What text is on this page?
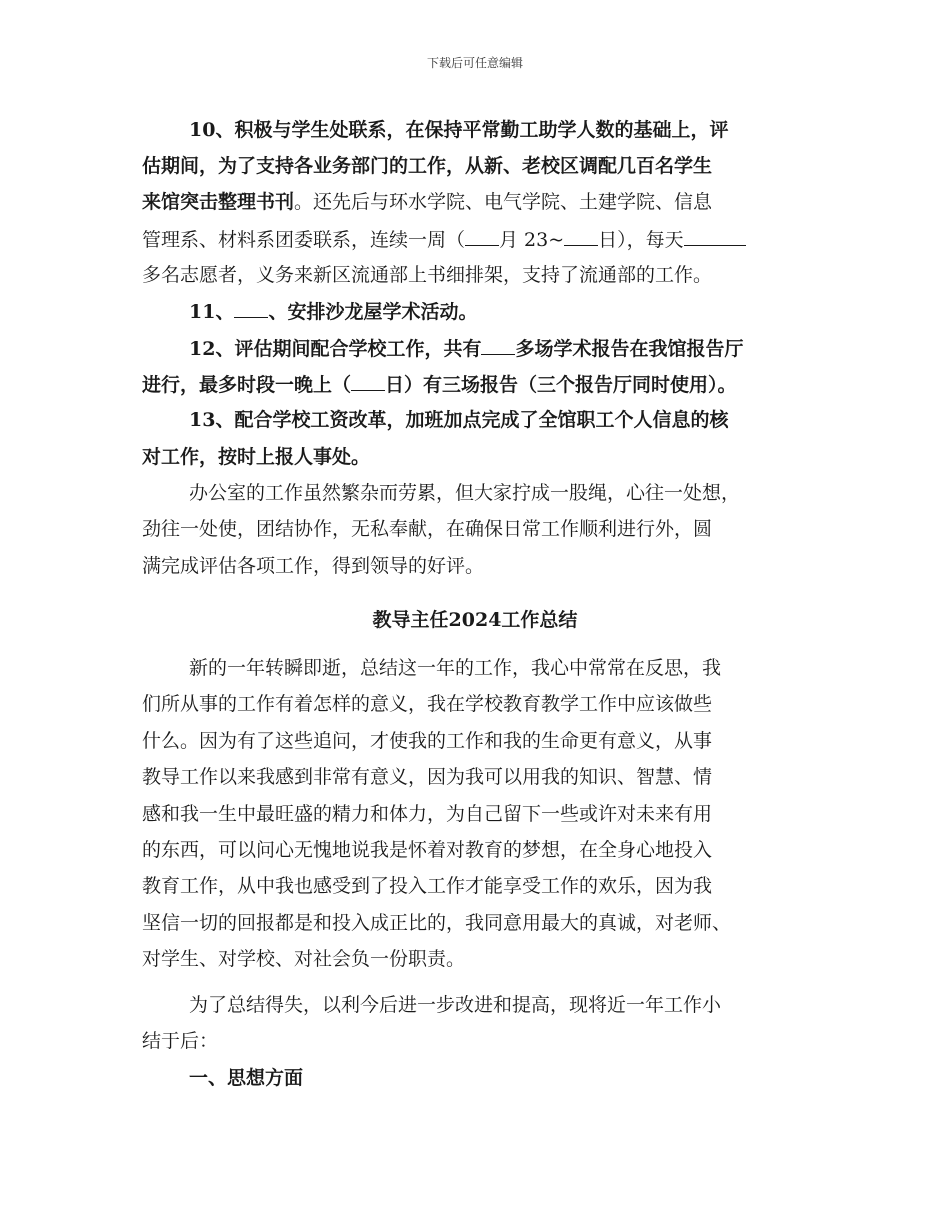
下载后可任意编辑
10、积极与学生处联系，在保持平常勤工助学人数的基础上，评
估期间，为了支持各业务部门的工作，从新、老校区调配几百名学生
来馆突击整理书刊。还先后与环水学院、电气学院、土建学院、信息
管理系、材料系团委联系，连续一周（ 月 23~ 日），每天
多名志愿者，义务来新区流通部上书细排架，支持了流通部的工作。
11、 、安排沙龙屋学术活动。
12、评估期间配合学校工作，共有 多场学术报告在我馆报告厅
进行，最多时段一晚上（ 日）有三场报告（三个报告厅同时使用）。
13、配合学校工资改革，加班加点完成了全馆职工个人信息的核
对工作，按时上报人事处。
办公室的工作虽然繁杂而劳累，但大家拧成一股绳，心往一处想，
劲往一处使，团结协作，无私奉献，在确保日常工作顺利进行外，圆
满完成评估各项工作，得到领导的好评。
教导主任2024工作总结
新的一年转瞬即逝，总结这一年的工作，我心中常常在反思，我
们所从事的工作有着怎样的意义，我在学校教育教学工作中应该做些
什么。因为有了这些追问，才使我的工作和我的生命更有意义，从事
教导工作以来我感到非常有意义，因为我可以用我的知识、智慧、情
感和我一生中最旺盛的精力和体力，为自己留下一些或许对未来有用
的东西，可以问心无愧地说我是怀着对教育的梦想，在全身心地投入
教育工作，从中我也感受到了投入工作才能享受工作的欢乐，因为我
坚信一切的回报都是和投入成正比的，我同意用最大的真诚，对老师、
对学生、对学校、对社会负一份职责。
为了总结得失，以利今后进一步改进和提高，现将近一年工作小
结于后：
一、思想方面
